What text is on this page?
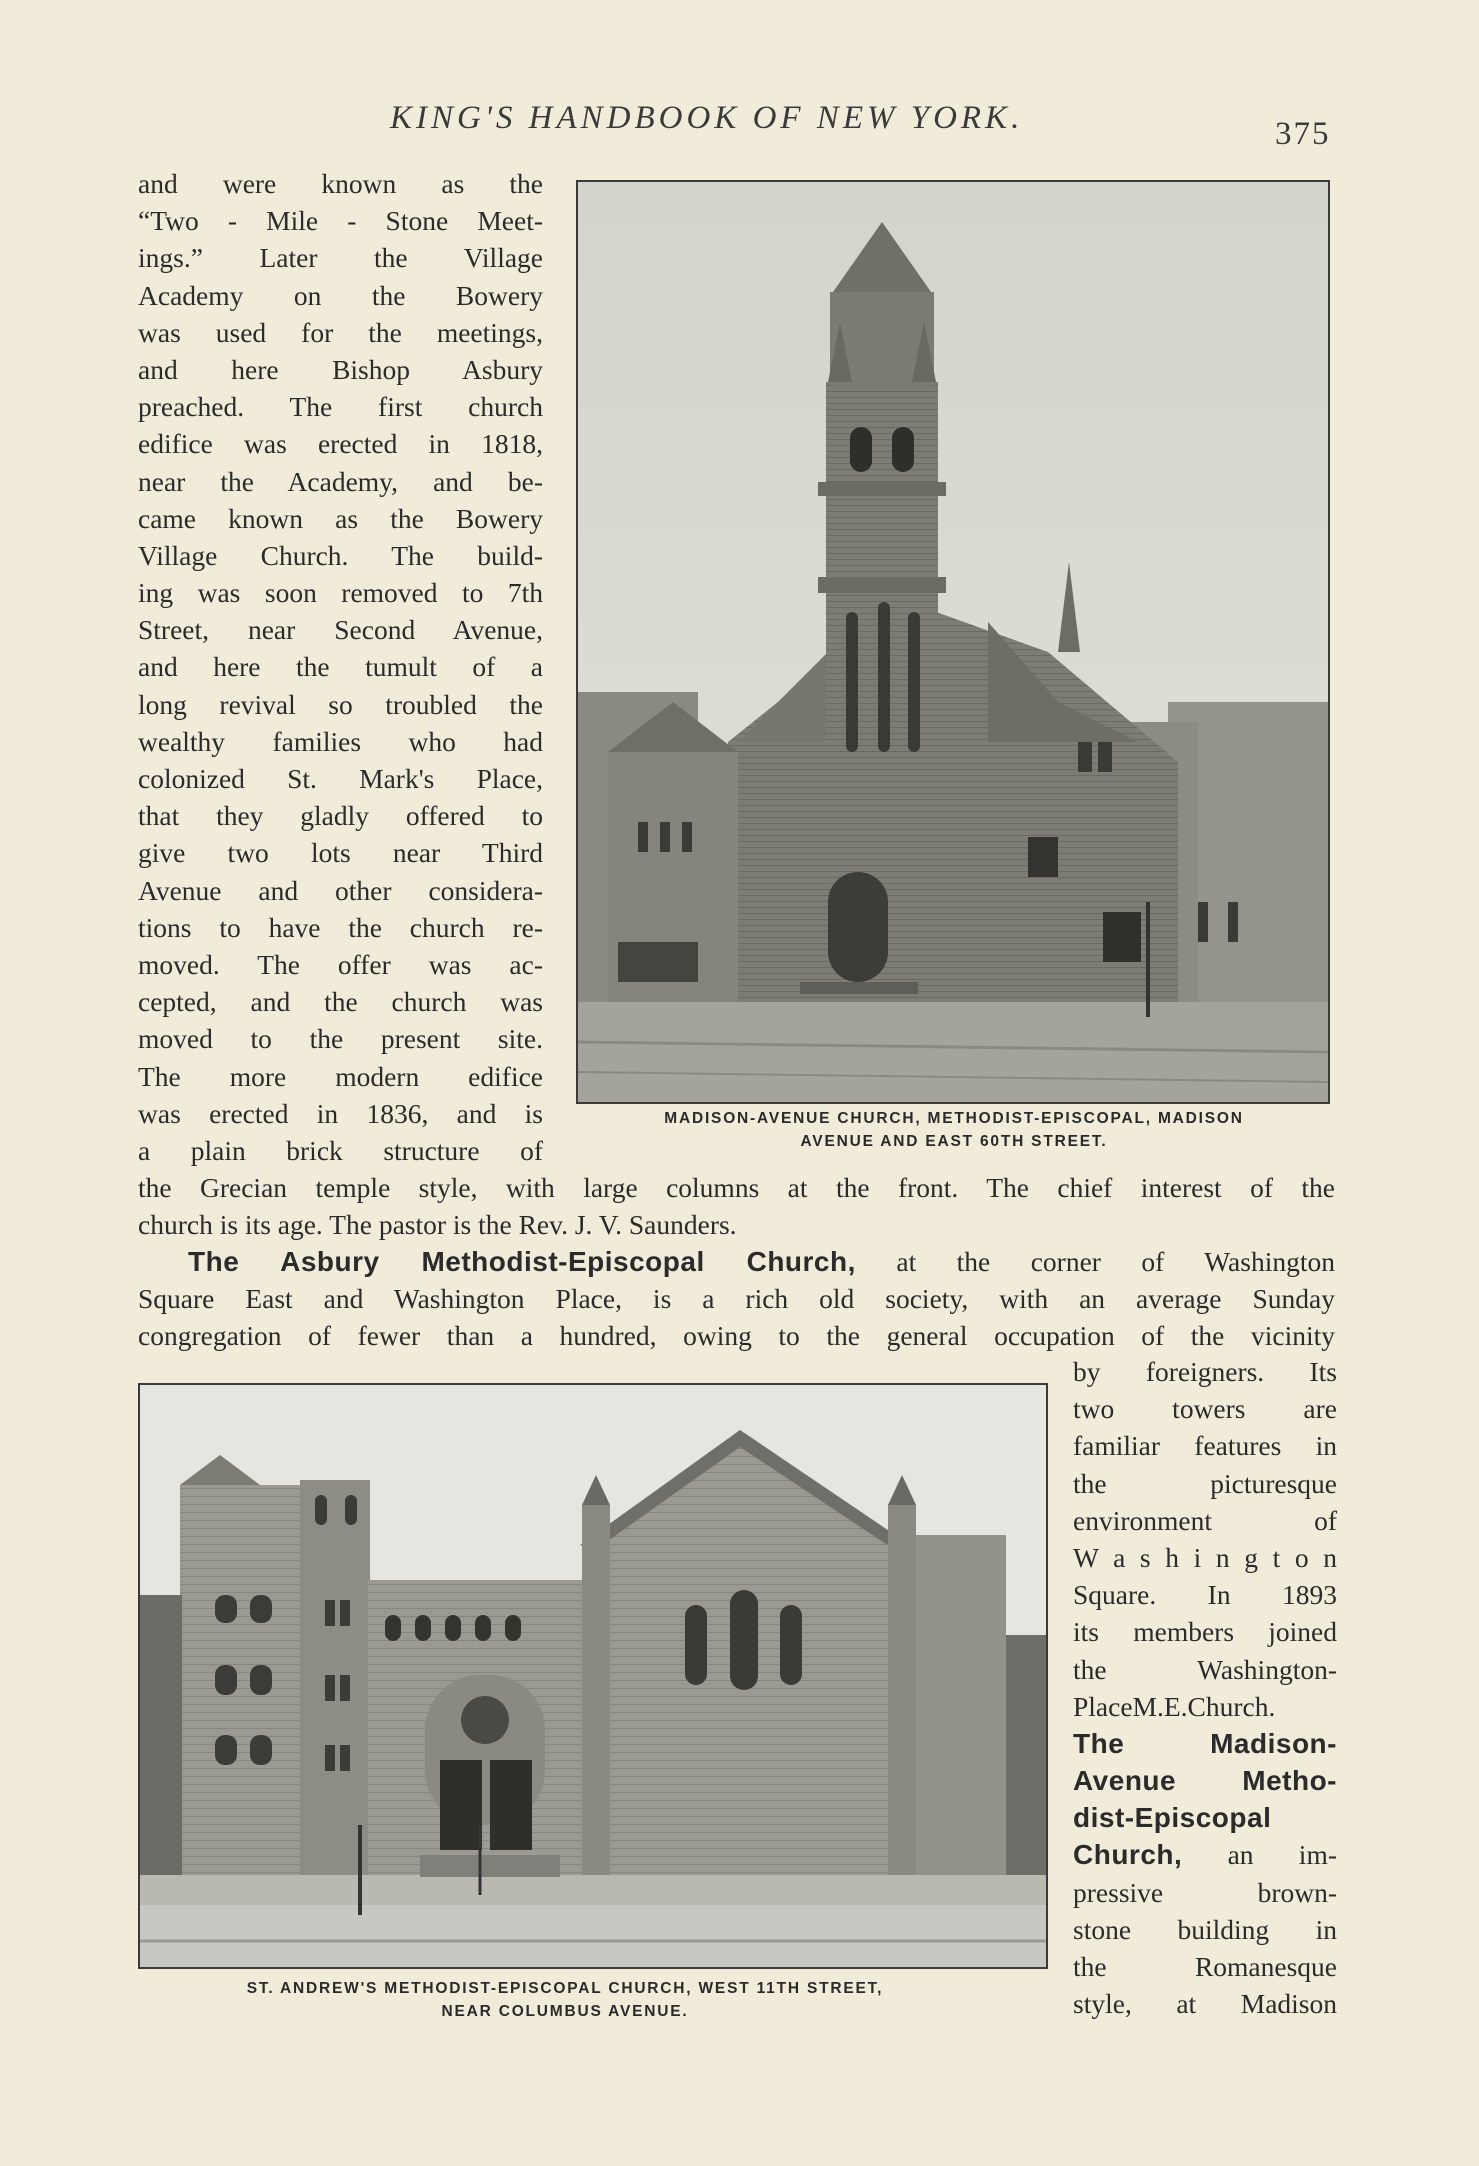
KING'S HANDBOOK OF NEW YORK.	375
and were known as the
“Two - Mile - Stone Meet-
ings.” Later the Village
Academy on the Bowery
was used for the meetings,
and here Bishop Asbury
preached. The first church
edifice was erected in 1818,
near the Academy, and be-
came known as the Bowery
Village Church. The build-
ing was soon removed to 7th
Street, near Second Avenue,
and here the tumult of a
long revival so troubled the
wealthy families who had
colonized St. Mark's Place,
that they gladly offered to
give two lots near Third
Avenue and other considera-
tions to have the church re-
moved. The offer was ac-
cepted, and the church was
moved to the present site.
The more modern edifice
was erected in 1836, and is
a plain brick structure of
MADISON-AVENUE CHURCH, METHODIST-EPISCOPAL, MADISON
AVENUE AND EAST 60TH STREET.
the Grecian temple style, with large columns at the front. The chief interest of the
church is its age. The pastor is the Rev. J. V. Saunders.
The Asbury Methodist-Episcopal Church, at the corner of Washington
Square East and Washington Place, is a rich old society, with an average Sunday
congregation of fewer than a hundred, owing to the general occupation of the vicinity
ST. ANDREW'S METHODIST-EPISCOPAL CHURCH, WEST 11TH STREET,
NEAR COLUMBUS AVENUE.
by foreigners. Its
two towers are
familiar features in
the picturesque
environment of
W a s h i n g t o n
Square. In 1893
its members joined
the Washington-
PlaceM.E.Church.
The Madison-
Avenue Metho-
dist-Episcopal
Church, an im-
pressive brown-
stone building in
the Romanesque
style, at Madison
